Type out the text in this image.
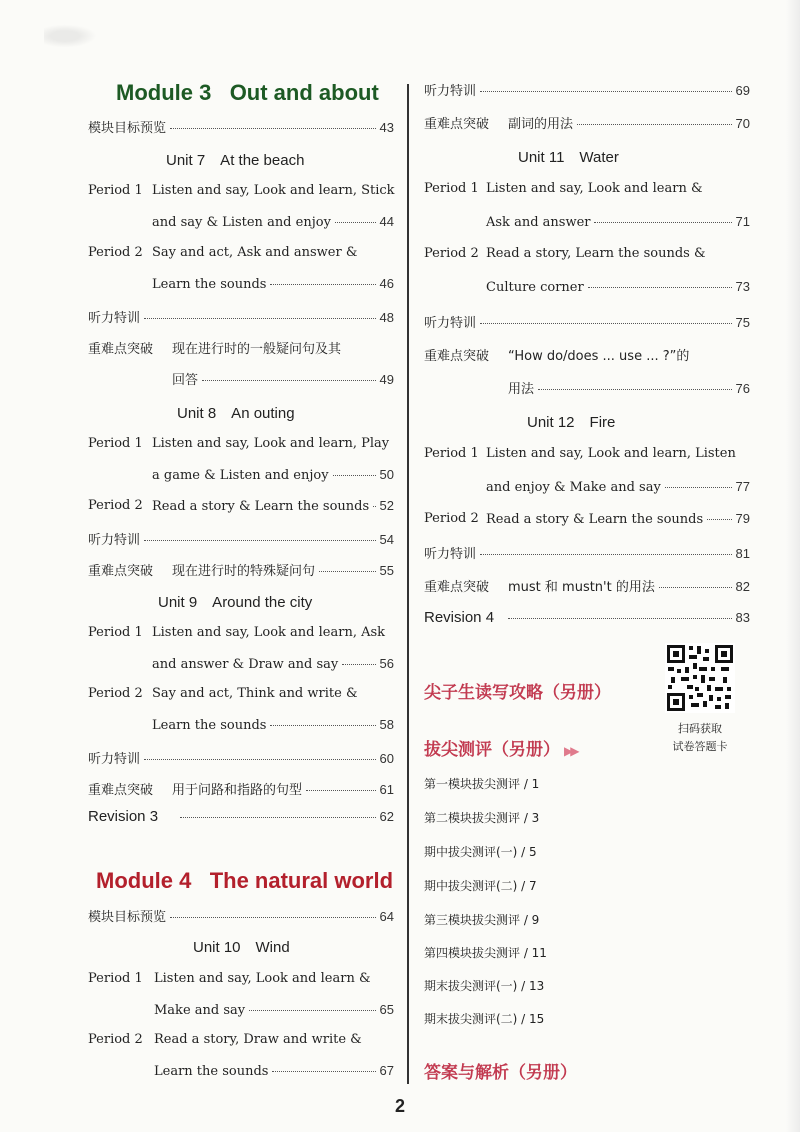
Module 3 Out and about
模块目标预览	43
Unit 7　At the beach
Period 1 Listen and say, Look and learn, Stick
and say & Listen and enjoy	44
Period 2 Say and act, Ask and answer &
Learn the sounds	46
听力特训	48
重难点突破 现在进行时的一般疑问句及其
回答	49
Unit 8　An outing
Period 1 Listen and say, Look and learn, Play
a game & Listen and enjoy	50
Period 2 Read a story & Learn the sounds 52
听力特训	54
重难点突破 现在进行时的特殊疑问句	55
Unit 9　Around the city
Period 1 Listen and say, Look and learn, Ask
and answer & Draw and say	56
Period 2 Say and act, Think and write &
Learn the sounds	58
听力特训	60
重难点突破 用于问路和指路的句型	61
Revision 3	62
Module 4 The natural world
模块目标预览	64
Unit 10　Wind
Period 1 Listen and say, Look and learn &
Make and say	65
Period 2 Read a story, Draw and write &
Learn the sounds	67
听力特训	69
重难点突破 副词的用法	70
Unit 11　Water
Period 1 Listen and say, Look and learn &
Ask and answer	71
Period 2 Read a story, Learn the sounds &
Culture corner	73
听力特训	75
重难点突破 “How do/does ... use ... ?”的
用法	76
Unit 12　Fire
Period 1 Listen and say, Look and learn, Listen
and enjoy & Make and say	77
Period 2 Read a story & Learn the sounds 79
听力特训	81
重难点突破 must 和 mustn't 的用法	82
Revision 4	83
尖子生读写攻略（另册）
拔尖测评（另册） ▶▶
第一模块拔尖测评 / 1
第二模块拔尖测评 / 3
期中拔尖测评(一) / 5
期中拔尖测评(二) / 7
第三模块拔尖测评 / 9
第四模块拔尖测评 / 11
期末拔尖测评(一) / 13
期末拔尖测评(二) / 15
答案与解析（另册）
扫码获取
试卷答题卡
2
